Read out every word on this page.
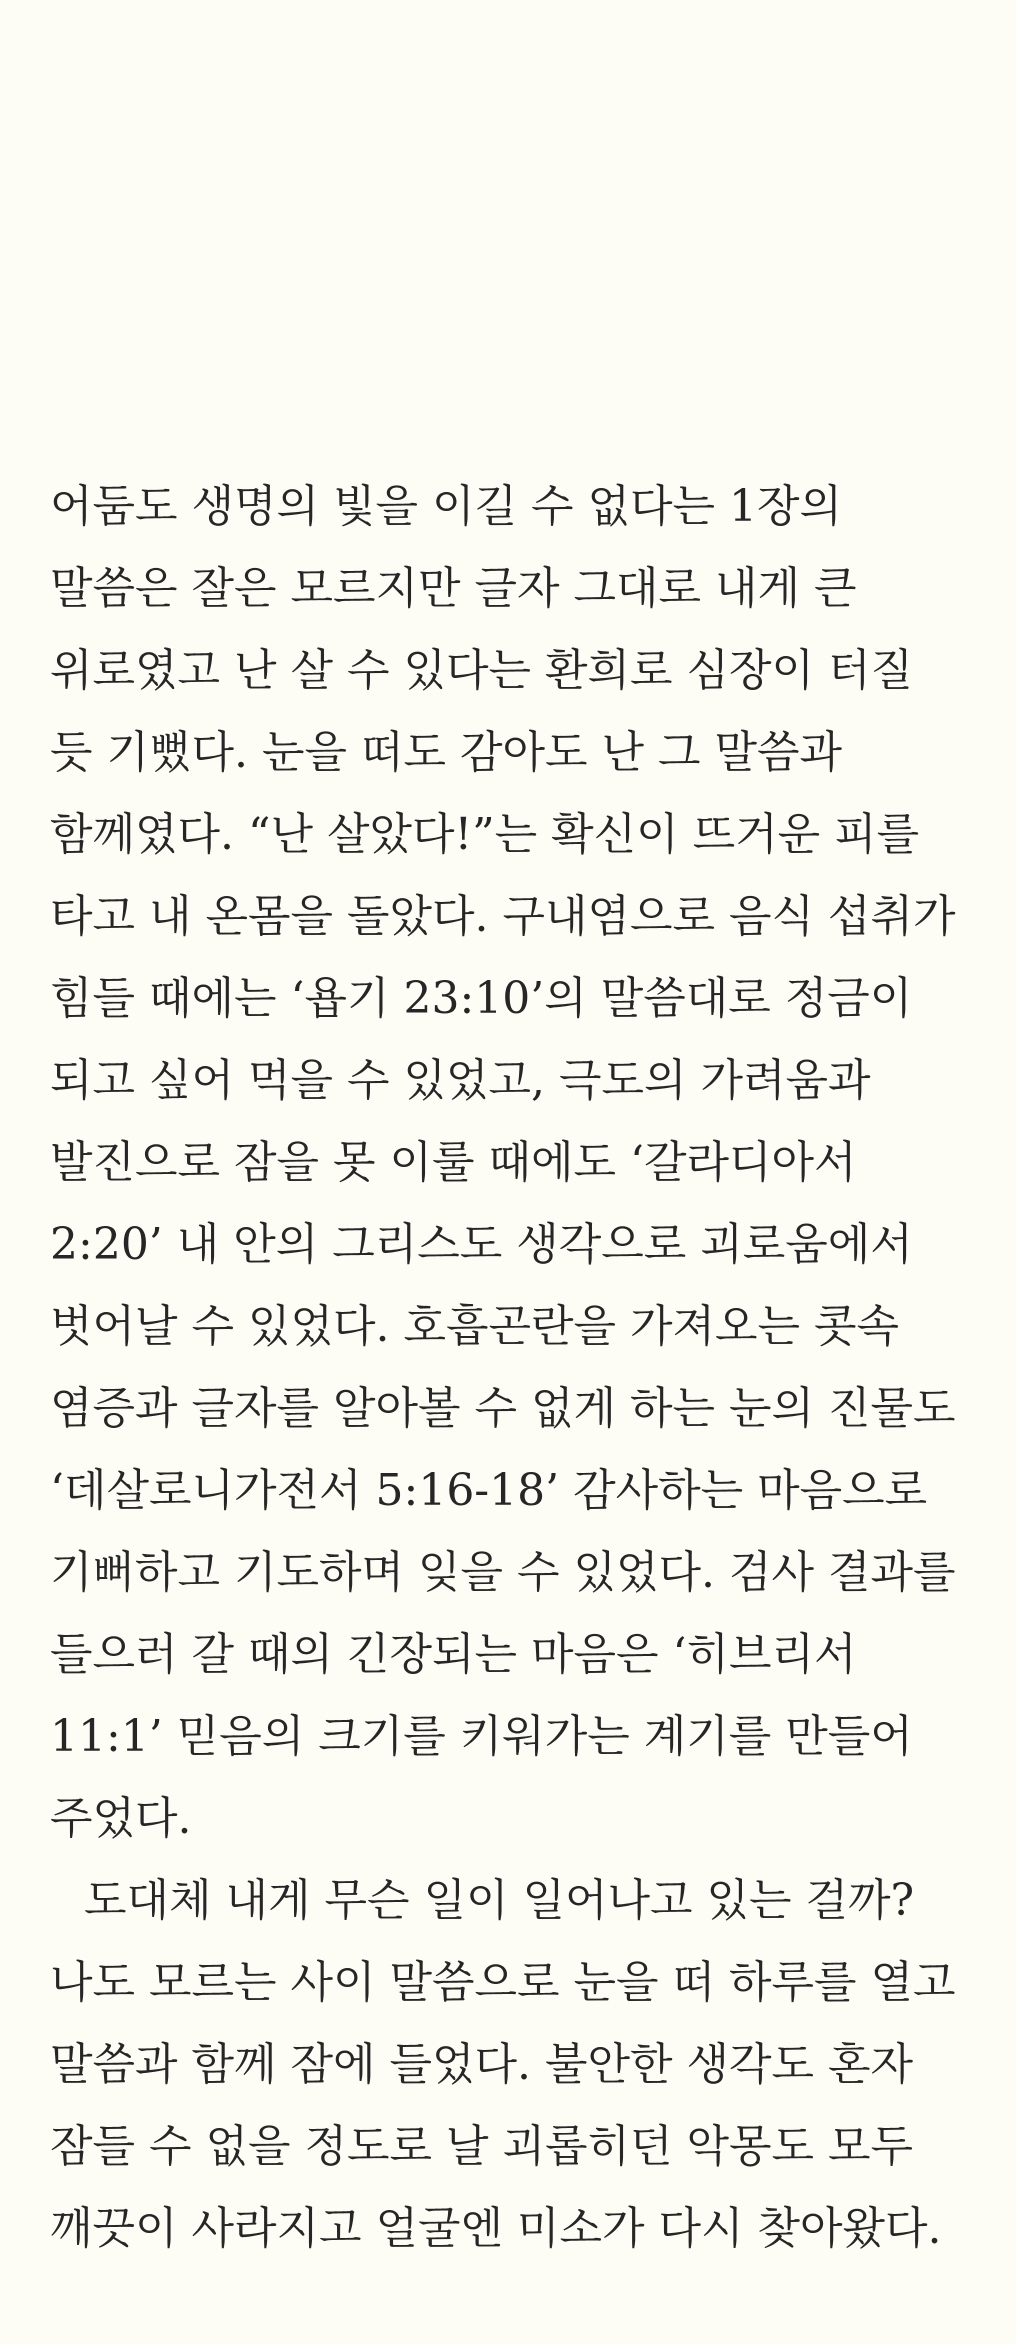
어둠도 생명의 빛을 이길 수 없다는 1장의 말씀은 잘은 모르지만 글자 그대로 내게 큰 위로였고 난 살 수 있다는 환희로 심장이 터질 듯 기뻤다. 눈을 떠도 감아도 난 그 말씀과 함께였다. “난 살았다!”는 확신이 뜨거운 피를 타고 내 온몸을 돌았다. 구내염으로 음식 섭취가 힘들 때에는 ‘욥기 23:10’의 말씀대로 정금이 되고 싶어 먹을 수 있었고, 극도의 가려움과 발진으로 잠을 못 이룰 때에도 ‘갈라디아서 2:20’ 내 안의 그리스도 생각으로 괴로움에서 벗어날 수 있었다. 호흡곤란을 가져오는 콧속 염증과 글자를 알아볼 수 없게 하는 눈의 진물도 ‘데살로니가전서 5:16-18’ 감사하는 마음으로 기뻐하고 기도하며 잊을 수 있었다. 검사 결과를 들으러 갈 때의 긴장되는 마음은 ‘히브리서 11:1’ 믿음의 크기를 키워가는 계기를 만들어 주었다.

도대체 내게 무슨 일이 일어나고 있는 걸까? 나도 모르는 사이 말씀으로 눈을 떠 하루를 열고 말씀과 함께 잠에 들었다. 불안한 생각도 혼자 잠들 수 없을 정도로 날 괴롭히던 악몽도 모두 깨끗이 사라지고 얼굴엔 미소가 다시 찾아왔다.
